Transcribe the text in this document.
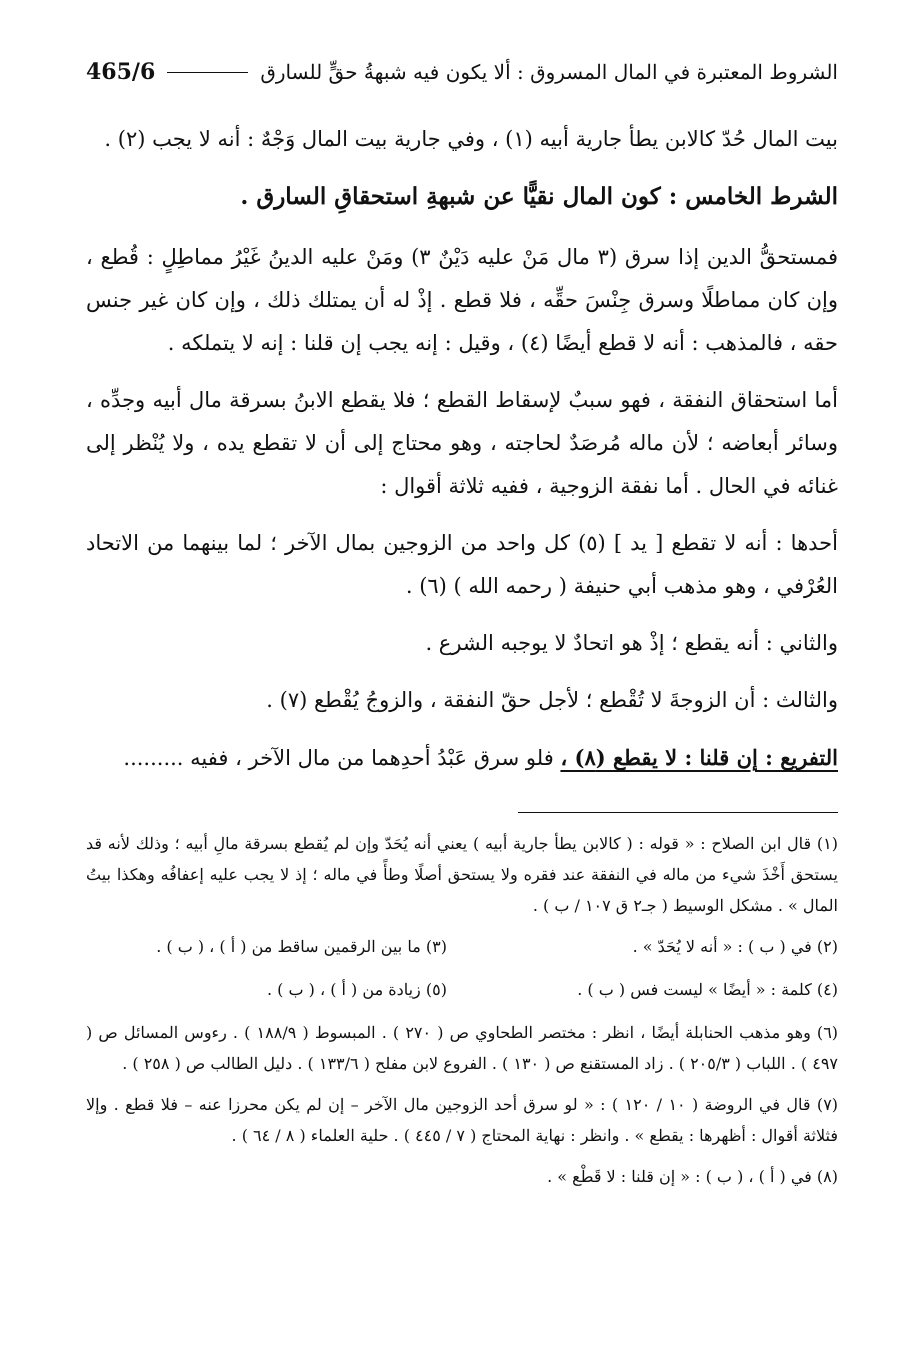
الشروط المعتبرة في المال المسروق : ألا يكون فيه شبهةُ حقٍّ للسارق
465/6

بيت المال حُدّ كالابن يطأ جارية أبيه (١) ، وفي جارية بيت المال وَجْهٌ : أنه لا يجب (٢) .

الشرط الخامس : كون المال نقيًّا عن شبهةِ استحقاقِ السارق .

فمستحقُّ الدين إذا سرق (٣ مال مَنْ عليه دَيْنٌ ٣) ومَنْ عليه الدينُ غَيْرُ مماطِلٍ : قُطع ، وإن كان مماطلًا وسرق جِنْسَ حقِّه ، فلا قطع . إذْ له أن يمتلك ذلك ، وإن كان غير جنس حقه ، فالمذهب : أنه لا قطع أيضًا (٤) ، وقيل : إنه يجب إن قلنا : إنه لا يتملكه .

أما استحقاق النفقة ، فهو سببٌ لإسقاط القطع ؛ فلا يقطع الابنُ بسرقة مال أبيه وجدِّه ، وسائر أبعاضه ؛ لأن ماله مُرصَدٌ لحاجته ، وهو محتاج إلى أن لا تقطع يده ، ولا يُنْظر إلى غنائه في الحال . أما نفقة الزوجية ، ففيه ثلاثة أقوال :

أحدها : أنه لا تقطع [ يد ] (٥) كل واحد من الزوجين بمال الآخر ؛ لما بينهما من الاتحاد العُرْفي ، وهو مذهب أبي حنيفة ( رحمه الله ) (٦) .

والثاني : أنه يقطع ؛ إذْ هو اتحادٌ لا يوجبه الشرع .

والثالث : أن الزوجةَ لا تُقْطع ؛ لأجل حقّ النفقة ، والزوجُ يُقْطع (٧) .

التفريع : إن قلنا : لا يقطع (٨) ، فلو سرق عَبْدُ أحدِهما من مال الآخر ، ففيه .........

(١) قال ابن الصلاح : « قوله : ( كالابن يطأ جارية أبيه ) يعني أنه يُحَدّ وإن لم يُقطع بسرقة مالِ أبيه ؛ وذلك لأنه قد يستحق أَخْذَ شيء من ماله في النفقة عند فقره ولا يستحق أصلًا وطأً في ماله ؛ إذ لا يجب عليه إعفافُه وهكذا بيتُ المال » . مشكل الوسيط ( جـ٢ ق ١٠٧ / ب ) .

(٢) في ( ب ) : « أنه لا يُحَدّ » .
(٣) ما بين الرقمين ساقط من ( أ ) ، ( ب ) .
(٤) كلمة : « أيضًا » ليست فس ( ب ) .
(٥) زيادة من ( أ ) ، ( ب ) .

(٦) وهو مذهب الحنابلة أيضًا ، انظر : مختصر الطحاوي ص ( ٢٧٠ ) . المبسوط ( ١٨٨/٩ ) . رءوس المسائل ص ( ٤٩٧ ) . اللباب ( ٢٠٥/٣ ) . زاد المستقنع ص ( ١٣٠ ) . الفروع لابن مفلح ( ١٣٣/٦ ) . دليل الطالب ص ( ٢٥٨ ) .

(٧) قال في الروضة ( ١٠ / ١٢٠ ) : « لو سرق أحد الزوجين مال الآخر – إن لم يكن محرزا عنه – فلا قطع . وإلا فثلاثة أقوال : أظهرها : يقطع » . وانظر : نهاية المحتاج ( ٧ / ٤٤٥ ) . حلية العلماء ( ٨ / ٦٤ ) .

(٨) في ( أ ) ، ( ب ) : « إن قلنا : لا قَطْع » .
